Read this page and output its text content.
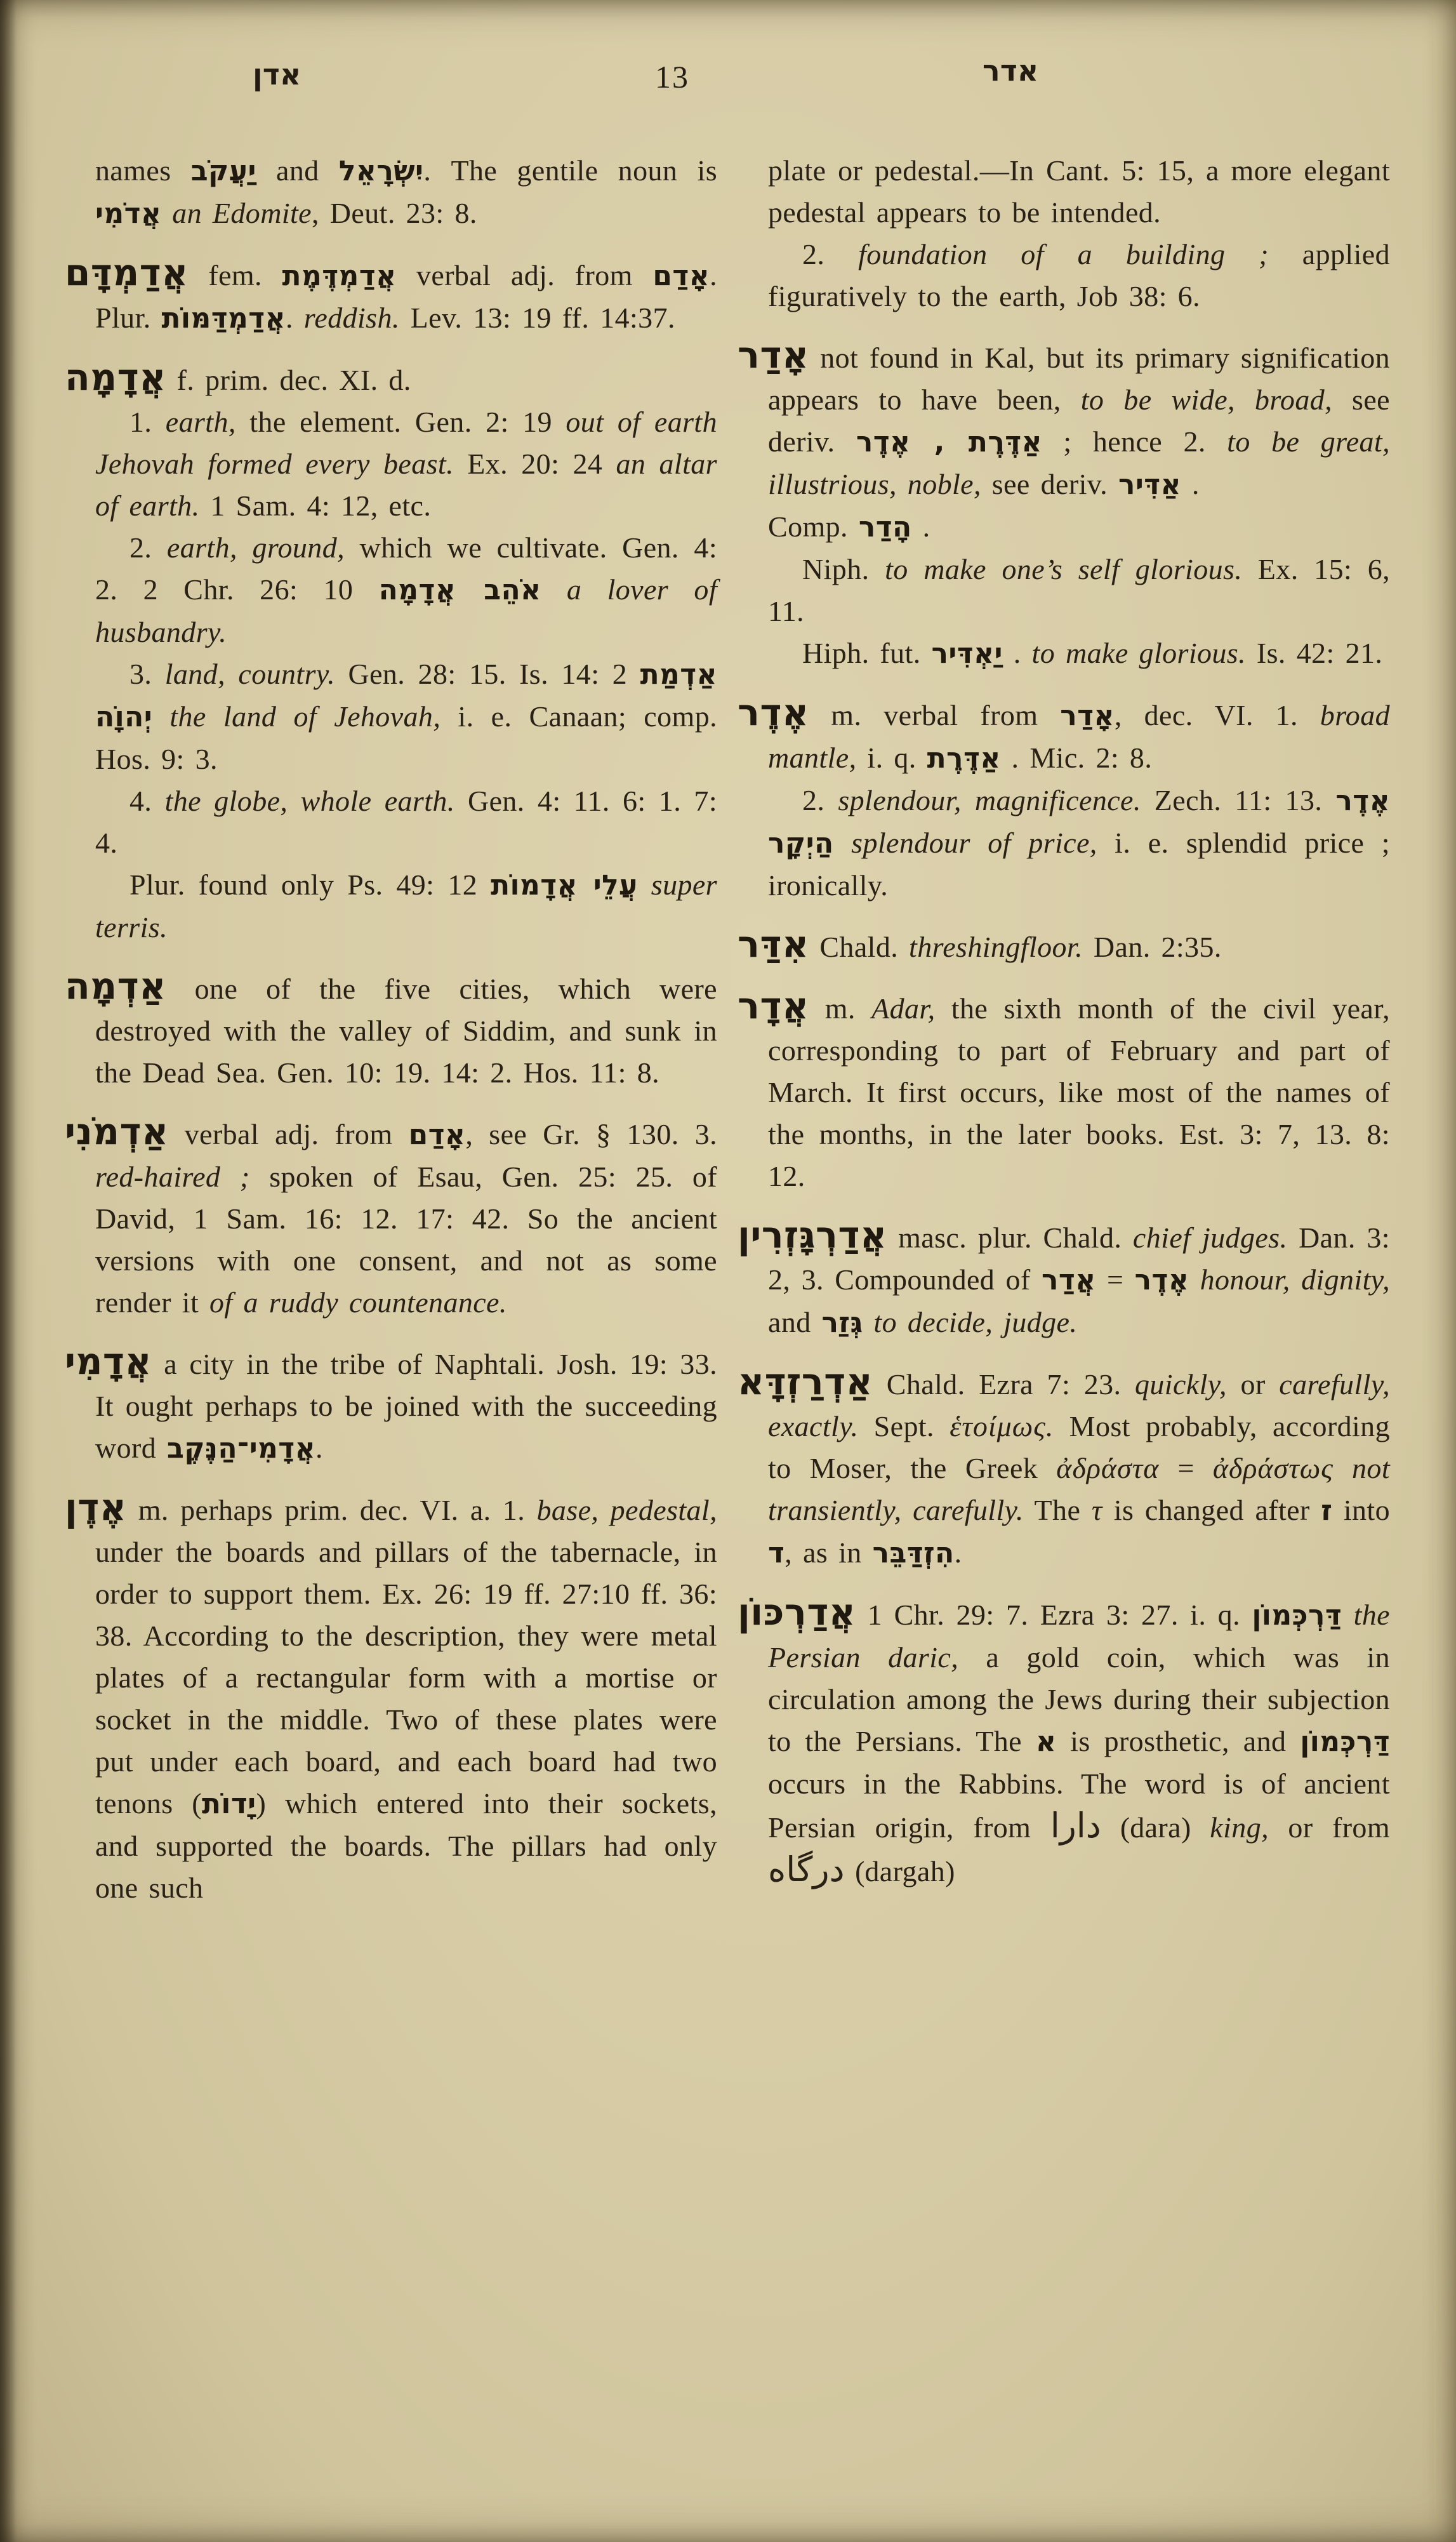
אדן	13	אדר

names יַעֲקֹב and יִשְׂרָאֵל. The gentile noun is אֲדֹמִי an Edomite, Deut. 23: 8.

אֲדַמְדָּם fem. אֲדַמְדֶּמֶת verbal adj. from אָדַם. Plur. אֲדַמְדַּמּוֹת. reddish. Lev. 13: 19 ff. 14:37.

אֲדָמָה f. prim. dec. XI. d.

1. earth, the element. Gen. 2: 19 out of earth Jehovah formed every beast. Ex. 20: 24 an altar of earth. 1 Sam. 4: 12, etc.

2. earth, ground, which we cultivate. Gen. 4: 2. 2 Chr. 26: 10 אֹהֵב אֲדָמָה a lover of husbandry.

3. land, country. Gen. 28: 15. Is. 14: 2 אַדְמַת יְהוָֹה the land of Jehovah, i. e. Canaan; comp. Hos. 9: 3.

4. the globe, whole earth. Gen. 4: 11. 6: 1. 7: 4.

Plur. found only Ps. 49: 12 עֲלֵי אֲדָמוֹת super terris.

אַדְמָה one of the five cities, which were destroyed with the valley of Siddim, and sunk in the Dead Sea. Gen. 10: 19. 14: 2. Hos. 11: 8.

אַדְמֹנִי verbal adj. from אָדַם, see Gr. § 130. 3. red-haired ; spoken of Esau, Gen. 25: 25. of David, 1 Sam. 16: 12. 17: 42. So the ancient versions with one consent, and not as some render it of a ruddy countenance.

אֲדָמִי a city in the tribe of Naphtali. Josh. 19: 33. It ought perhaps to be joined with the succeeding word אֲדָמִי־הַנֶּקֶב.

אֶדֶן m. perhaps prim. dec. VI. a. 1. base, pedestal, under the boards and pillars of the tabernacle, in order to support them. Ex. 26: 19 ff. 27:10 ff. 36: 38. According to the description, they were metal plates of a rectangular form with a mortise or socket in the middle. Two of these plates were put under each board, and each board had two tenons (יָדוֹת) which entered into their sockets, and supported the boards. The pillars had only one such

plate or pedestal.—In Cant. 5: 15, a more elegant pedestal appears to be intended.

2. foundation of a building ; applied figuratively to the earth, Job 38: 6.

אָדַר not found in Kal, but its primary signification appears to have been, to be wide, broad, see deriv. אַדֶּרֶת , אֶדֶר ; hence 2. to be great, illustrious, noble, see deriv. אַדִּיר .

Comp. הָדַר .

Niph. to make one’s self glorious. Ex. 15: 6, 11.

Hiph. fut. יַאְדִּיר . to make glorious. Is. 42: 21.

אֶדֶר m. verbal from אָדַר, dec. VI. 1. broad mantle, i. q. אַדֶּרֶת . Mic. 2: 8.

2. splendour, magnificence. Zech. 11: 13. אֶדֶר הַיְקָר splendour of price, i. e. splendid price ; ironically.

אִדַּר Chald. threshingfloor. Dan. 2:35.

אֲדָר m. Adar, the sixth month of the civil year, corresponding to part of February and part of March. It first occurs, like most of the names of the months, in the later books. Est. 3: 7, 13. 8: 12.

אֲדַרְגָּזְרִין masc. plur. Chald. chief judges. Dan. 3: 2, 3. Compounded of אֲדַר = אֶדֶר honour, dignity, and גְּזַר to decide, judge.

אַדְרַזְדָּא Chald. Ezra 7: 23. quickly, or carefully, exactly. Sept. ἑτοίμως. Most probably, according to Moser, the Greek ἀδράστα = ἀδράστως not transiently, carefully. The τ is changed after ז into ד, as in הִזְדַּבֵּר.

אֲדַרְכּוֹן 1 Chr. 29: 7. Ezra 3: 27. i. q. דַּרְכְּמוֹן the Persian daric, a gold coin, which was in circulation among the Jews during their subjection to the Persians. The א is prosthetic, and דַּרְכְּמוֹן occurs in the Rabbins. The word is of ancient Persian origin, from دارا (dara) king, or from درگاه (dargah)
